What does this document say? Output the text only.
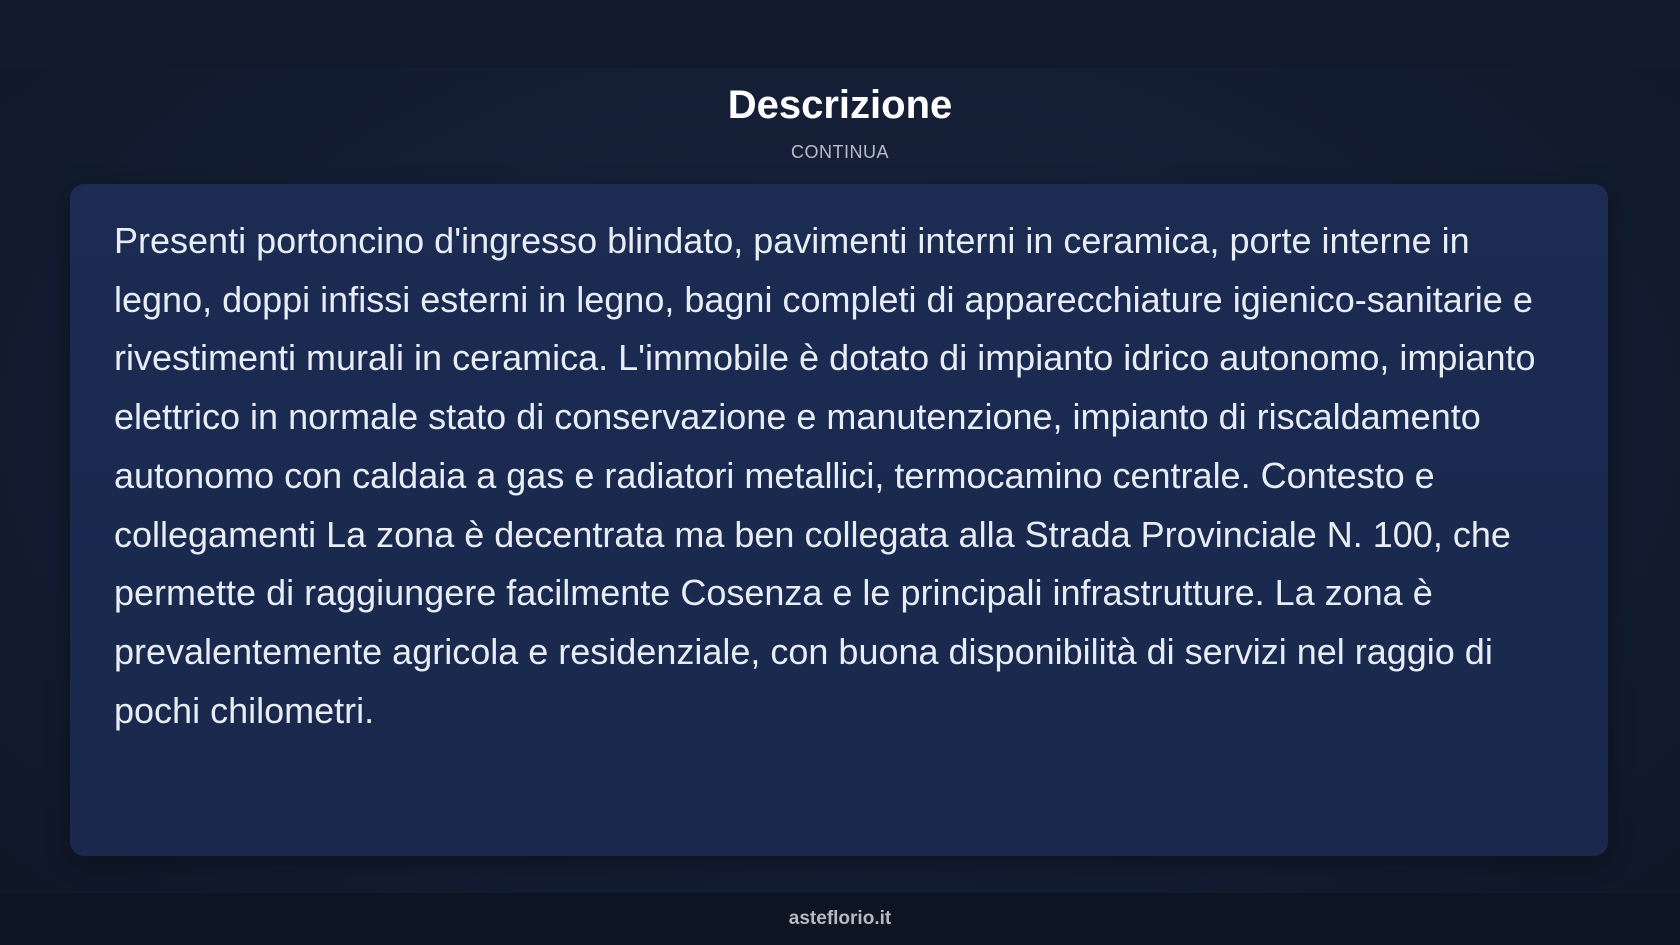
Descrizione
CONTINUA

Presenti portoncino d'ingresso blindato, pavimenti interni in ceramica, porte interne in legno, doppi infissi esterni in legno, bagni completi di apparecchiature igienico-sanitarie e rivestimenti murali in ceramica. L'immobile è dotato di impianto idrico autonomo, impianto elettrico in normale stato di conservazione e manutenzione, impianto di riscaldamento autonomo con caldaia a gas e radiatori metallici, termocamino centrale. Contesto e collegamenti La zona è decentrata ma ben collegata alla Strada Provinciale N. 100, che permette di raggiungere facilmente Cosenza e le principali infrastrutture. La zona è prevalentemente agricola e residenziale, con buona disponibilità di servizi nel raggio di pochi chilometri.

asteflorio.it
